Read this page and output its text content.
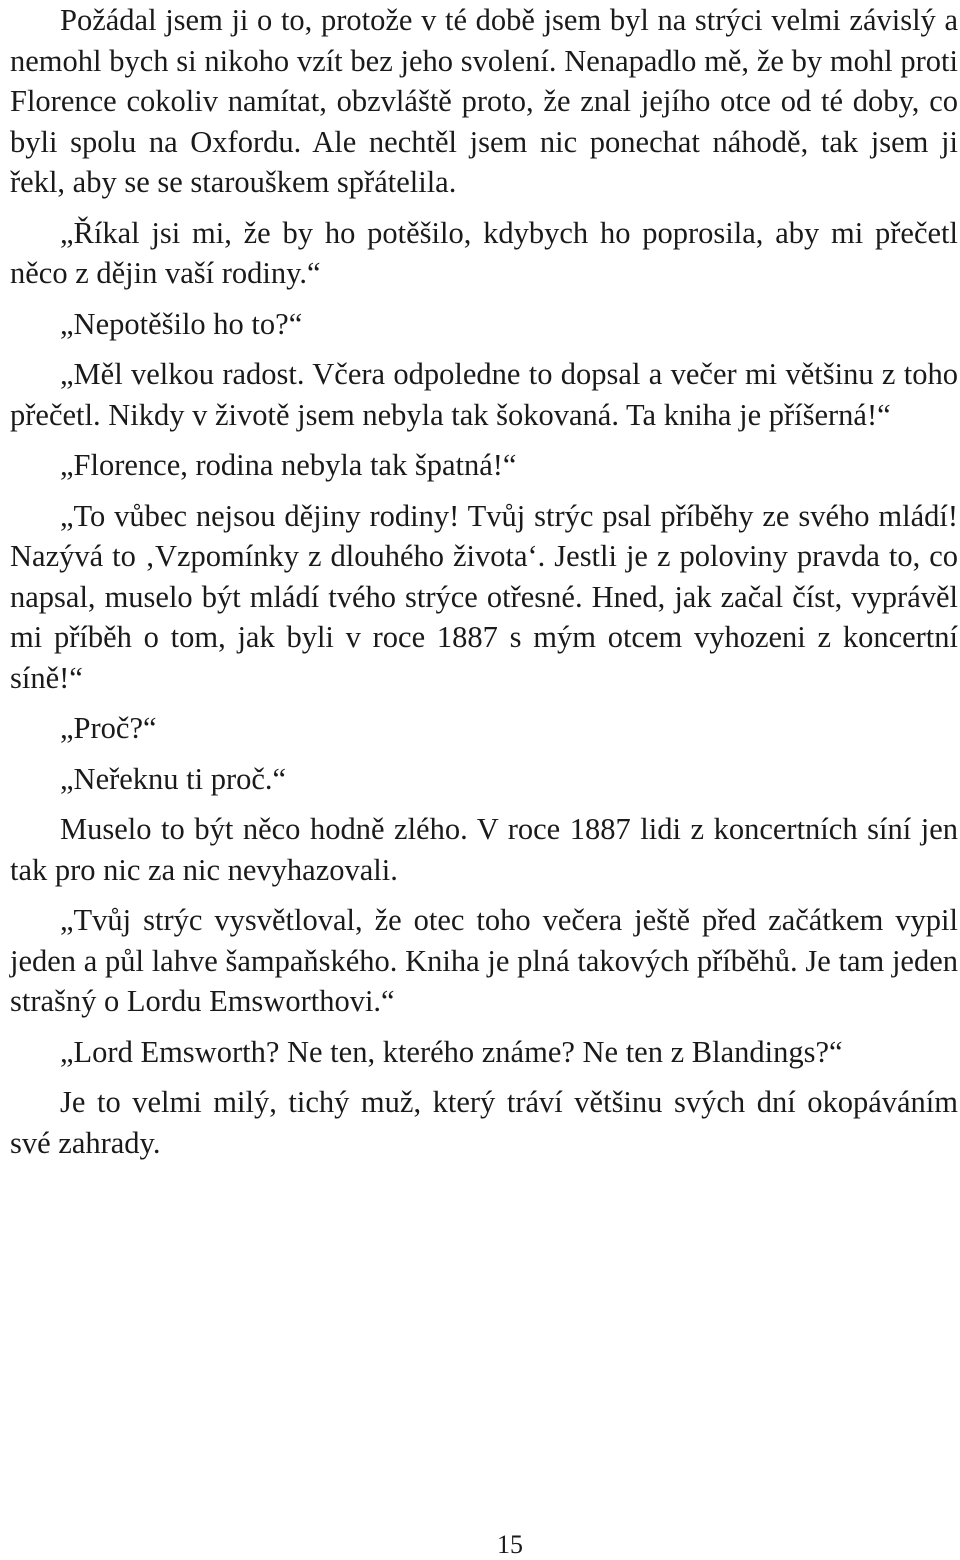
Požádal jsem ji o to, protože v té době jsem byl na strýci velmi závislý a nemohl bych si nikoho vzít bez jeho svolení. Nenapadlo mě, že by mohl proti Florence cokoliv namítat, obzvláště proto, že znal jejího otce od té doby, co byli spolu na Oxfordu. Ale nechtěl jsem nic ponechat náhodě, tak jsem ji řekl, aby se se starouškem spřátelila.

„Říkal jsi mi, že by ho potěšilo, kdybych ho poprosila, aby mi přečetl něco z dějin vaší rodiny.“

„Nepotěšilo ho to?“

„Měl velkou radost. Včera odpoledne to dopsal a večer mi většinu z toho přečetl. Nikdy v životě jsem nebyla tak šokovaná. Ta kniha je příšerná!“

„Florence, rodina nebyla tak špatná!“

„To vůbec nejsou dějiny rodiny! Tvůj strýc psal příběhy ze svého mládí! Nazývá to ‚Vzpomínky z dlouhého života‘. Jestli je z poloviny pravda to, co napsal, muselo být mládí tvého strýce otřesné. Hned, jak začal číst, vyprávěl mi příběh o tom, jak byli v roce 1887 s mým otcem vyhozeni z koncertní síně!“

„Proč?“

„Neřeknu ti proč.“

Muselo to být něco hodně zlého. V roce 1887 lidi z koncertních síní jen tak pro nic za nic nevyhazovali.

„Tvůj strýc vysvětloval, že otec toho večera ještě před začátkem vypil jeden a půl lahve šampaňského. Kniha je plná takových příběhů. Je tam jeden strašný o Lordu Emsworthovi.“

„Lord Emsworth? Ne ten, kterého známe? Ne ten z Blandings?“

Je to velmi milý, tichý muž, který tráví většinu svých dní okopáváním své zahrady.

15
